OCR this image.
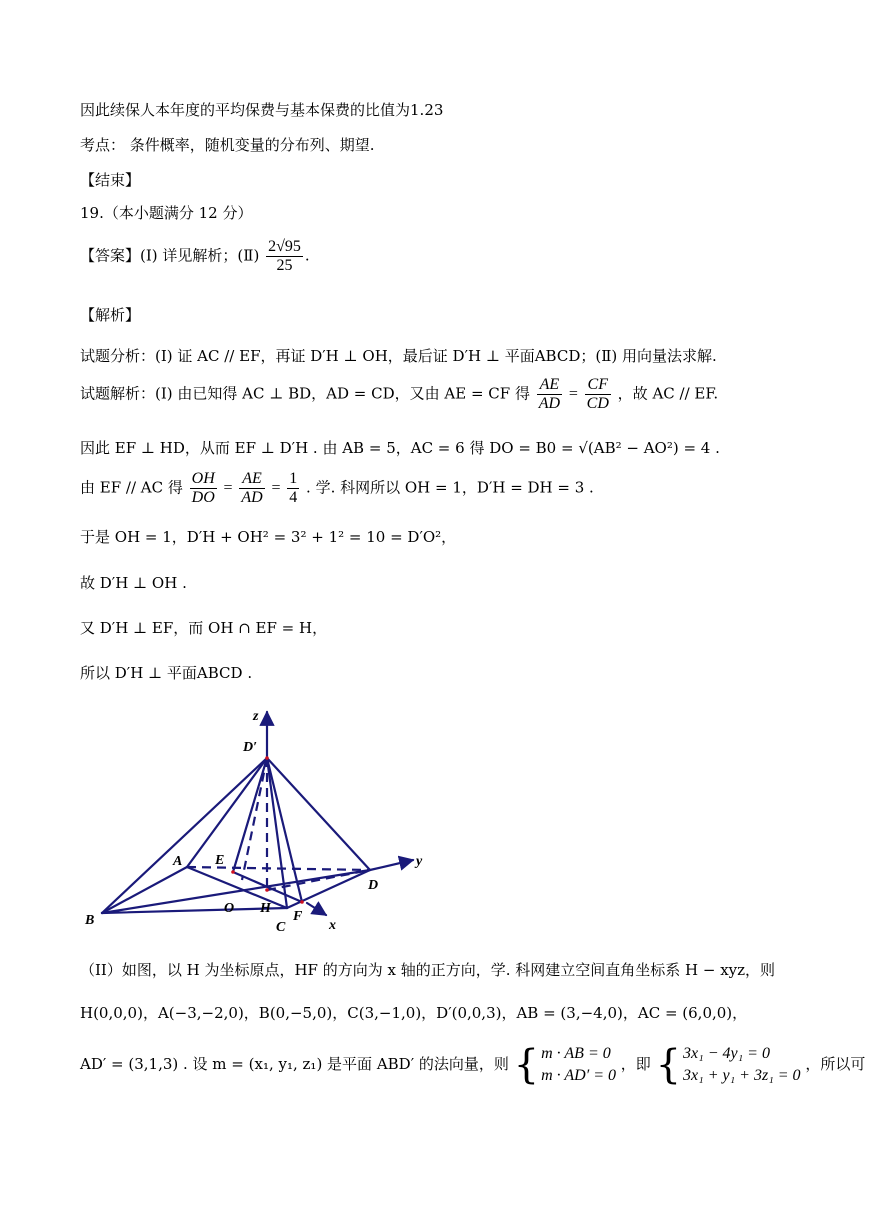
因此续保人本年度的平均保费与基本保费的比值为1.23
考点： 条件概率，随机变量的分布列、期望.
【结束】
19.（本小题满分 12 分）
【答案】(Ⅰ) 详见解析；(Ⅱ) $\frac{2√95}{25}$ .
【解析】
试题分析：(Ⅰ) 证 AC // EF，再证 D′H ⊥ OH，最后证 D′H ⊥ 平面ABCD；(Ⅱ) 用向量法求解.
试题解析：(I) 由已知得 AC ⊥ BD，AD = CD，又由 AE = CF 得 $\frac{AE}{AD} = \frac{CF}{CD}$ ，故 AC // EF.
因此 EF ⊥ HD，从而 EF ⊥ D′H . 由 AB = 5，AC = 6 得 DO = B0 = √(AB² − AO²) = 4 .
由 EF // AC 得 $\frac{OH}{DO} = \frac{AE}{AD} = \frac{1}{4}$ . 学. 科网所以 OH = 1，D′H = DH = 3 .
于是 OH = 1，D′H + OH² = 3² + 1² = 10 = D′O²，
故 D′H ⊥ OH .
又 D′H ⊥ EF，而 OH ∩ EF = H，
所以 D′H ⊥ 平面ABCD .
z
y
x
D′
A E
D
B
O H
F
C
（II）如图，以 H 为坐标原点，HF 的方向为 x 轴的正方向，学. 科网建立空间直角坐标系 H − xyz，则
H(0,0,0)，A(−3,−2,0)，B(0,−5,0)，C(3,−1,0)，D′(0,0,3)，AB = (3,−4,0)，AC = (6,0,0)，
AD′ = (3,1,3) . 设 m = (x₁, y₁, z₁) 是平面 ABD′ 的法向量，则 { m · AB = 0
m · AD′ = 0
，即 { 3x₁ − 4y₁ = 0
3x₁ + y₁ + 3z₁ = 0
，所以可
